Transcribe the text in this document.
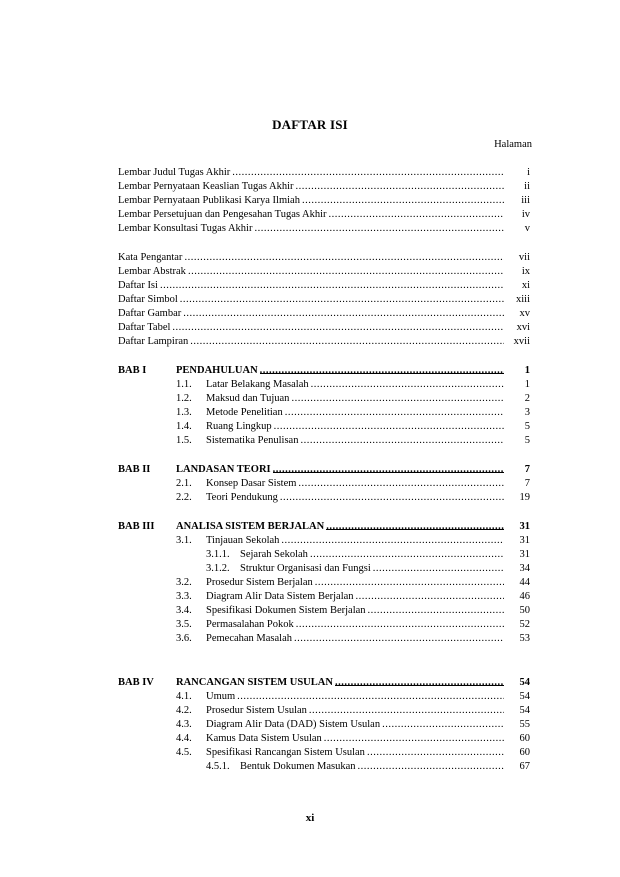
DAFTAR ISI
Halaman
Lembar Judul Tugas Akhir .....	i
Lembar Pernyataan Keaslian Tugas Akhir .....	ii
Lembar Pernyataan Publikasi Karya Ilmiah .....	iii
Lembar Persetujuan dan Pengesahan Tugas Akhir .....	iv
Lembar Konsultasi Tugas Akhir .....	v
Kata Pengantar .....	vii
Lembar Abstrak .....	ix
Daftar Isi .....	xi
Daftar Simbol .....	xiii
Daftar Gambar .....	xv
Daftar Tabel .....	xvi
Daftar Lampiran .....	xvii
BAB I	PENDAHULUAN .....	1
1.1.	Latar Belakang Masalah .....	1
1.2.	Maksud dan Tujuan .....	2
1.3.	Metode Penelitian .....	3
1.4.	Ruang Lingkup .....	5
1.5.	Sistematika Penulisan .....	5
BAB II	LANDASAN TEORI .....	7
2.1.	Konsep Dasar Sistem .....	7
2.2.	Teori Pendukung .....	19
BAB III	ANALISA SISTEM BERJALAN .....	31
3.1.	Tinjauan Sekolah .....	31
3.1.1. Sejarah Sekolah .....	31
3.1.2. Struktur Organisasi dan Fungsi .....	34
3.2.	Prosedur Sistem Berjalan .....	44
3.3.	Diagram Alir Data Sistem Berjalan .....	46
3.4.	Spesifikasi Dokumen Sistem Berjalan .....	50
3.5.	Permasalahan Pokok .....	52
3.6.	Pemecahan Masalah .....	53
BAB IV	RANCANGAN SISTEM USULAN .....	54
4.1.	Umum .....	54
4.2.	Prosedur Sistem Usulan .....	54
4.3.	Diagram Alir Data (DAD) Sistem Usulan .....	55
4.4.	Kamus Data Sistem Usulan .....	60
4.5.	Spesifikasi Rancangan Sistem Usulan .....	60
4.5.1. Bentuk Dokumen Masukan .....	67
xi
